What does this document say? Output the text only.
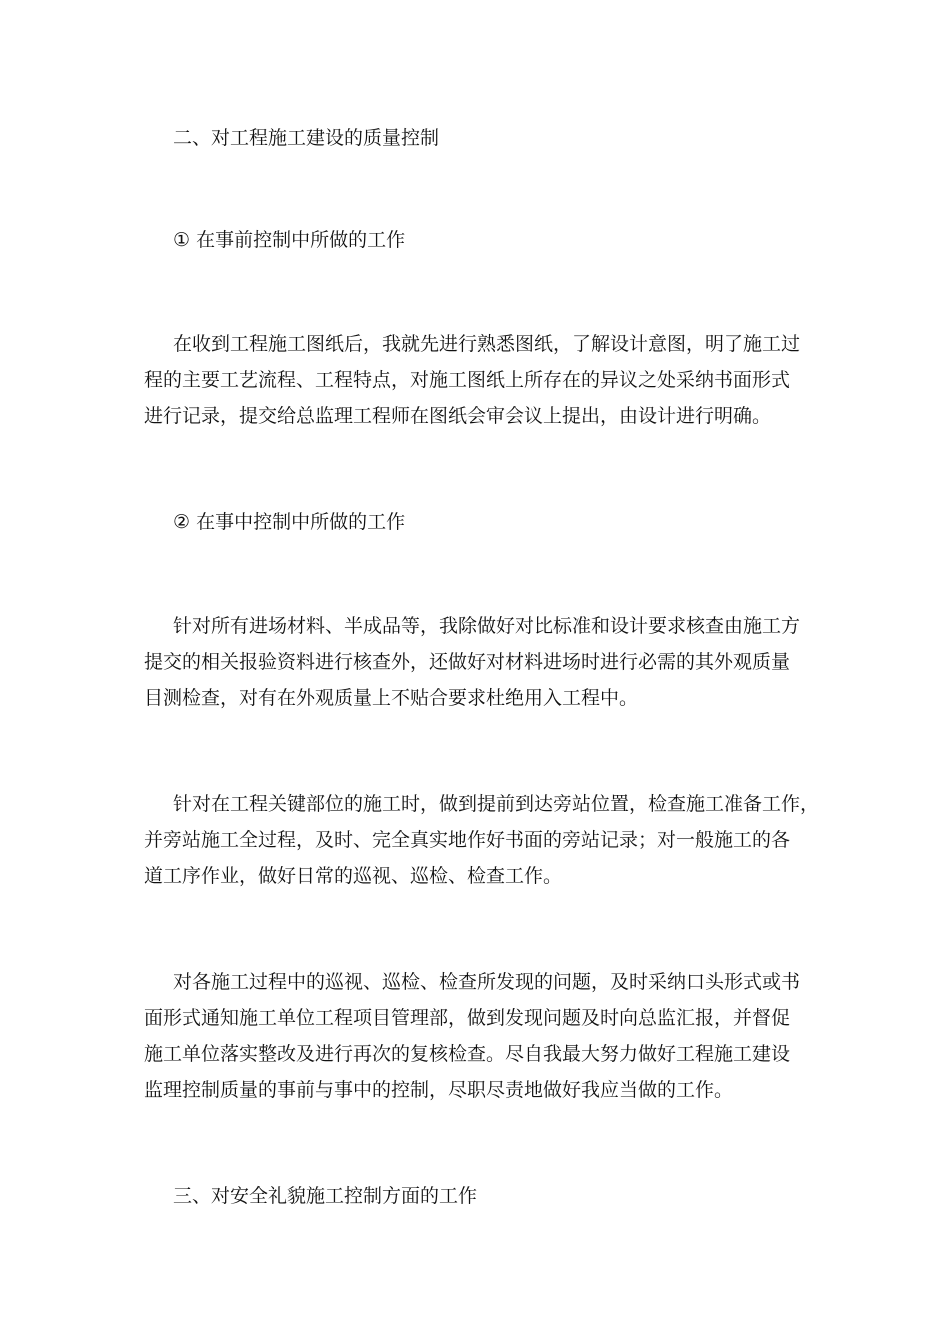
二、对工程施工建设的质量控制
① 在事前控制中所做的工作
在收到工程施工图纸后，我就先进行熟悉图纸，了解设计意图，明了施工过
程的主要工艺流程、工程特点，对施工图纸上所存在的异议之处采纳书面形式
进行记录，提交给总监理工程师在图纸会审会议上提出，由设计进行明确。
② 在事中控制中所做的工作
针对所有进场材料、半成品等，我除做好对比标准和设计要求核查由施工方
提交的相关报验资料进行核查外，还做好对材料进场时进行必需的其外观质量
目测检查，对有在外观质量上不贴合要求杜绝用入工程中。
针对在工程关键部位的施工时，做到提前到达旁站位置，检查施工准备工作，
并旁站施工全过程，及时、完全真实地作好书面的旁站记录；对一般施工的各
道工序作业，做好日常的巡视、巡检、检查工作。
对各施工过程中的巡视、巡检、检查所发现的问题，及时采纳口头形式或书
面形式通知施工单位工程项目管理部，做到发现问题及时向总监汇报，并督促
施工单位落实整改及进行再次的复核检查。尽自我最大努力做好工程施工建设
监理控制质量的事前与事中的控制，尽职尽责地做好我应当做的工作。
三、对安全礼貌施工控制方面的工作
